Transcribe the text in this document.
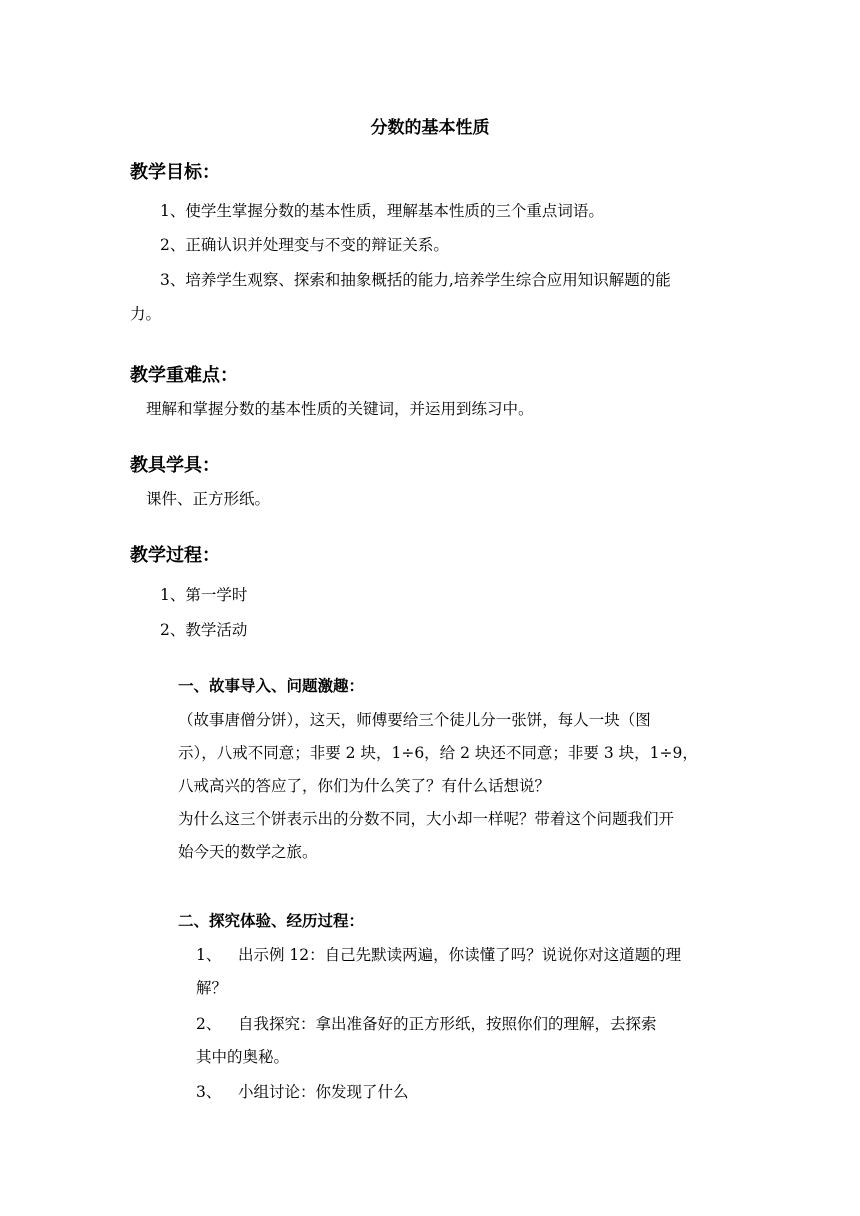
分数的基本性质
教学目标：
1、使学生掌握分数的基本性质，理解基本性质的三个重点词语。
2、正确认识并处理变与不变的辩证关系。
3、培养学生观察、探索和抽象概括的能力,培养学生综合应用知识解题的能
力。
教学重难点：
理解和掌握分数的基本性质的关键词，并运用到练习中。
教具学具：
课件、正方形纸。
教学过程：
1、第一学时
2、教学活动
一、故事导入、问题激趣：
（故事唐僧分饼），这天，师傅要给三个徒儿分一张饼，每人一块（图
示），八戒不同意；非要 2 块，1÷6，给 2 块还不同意；非要 3 块，1÷9，
八戒高兴的答应了，你们为什么笑了？有什么话想说？
为什么这三个饼表示出的分数不同，大小却一样呢？带着这个问题我们开
始今天的数学之旅。
二、探究体验、经历过程：
1、 出示例 12：自己先默读两遍，你读懂了吗？说说你对这道题的理
解？
2、 自我探究：拿出准备好的正方形纸，按照你们的理解，去探索
其中的奥秘。
3、 小组讨论：你发现了什么
